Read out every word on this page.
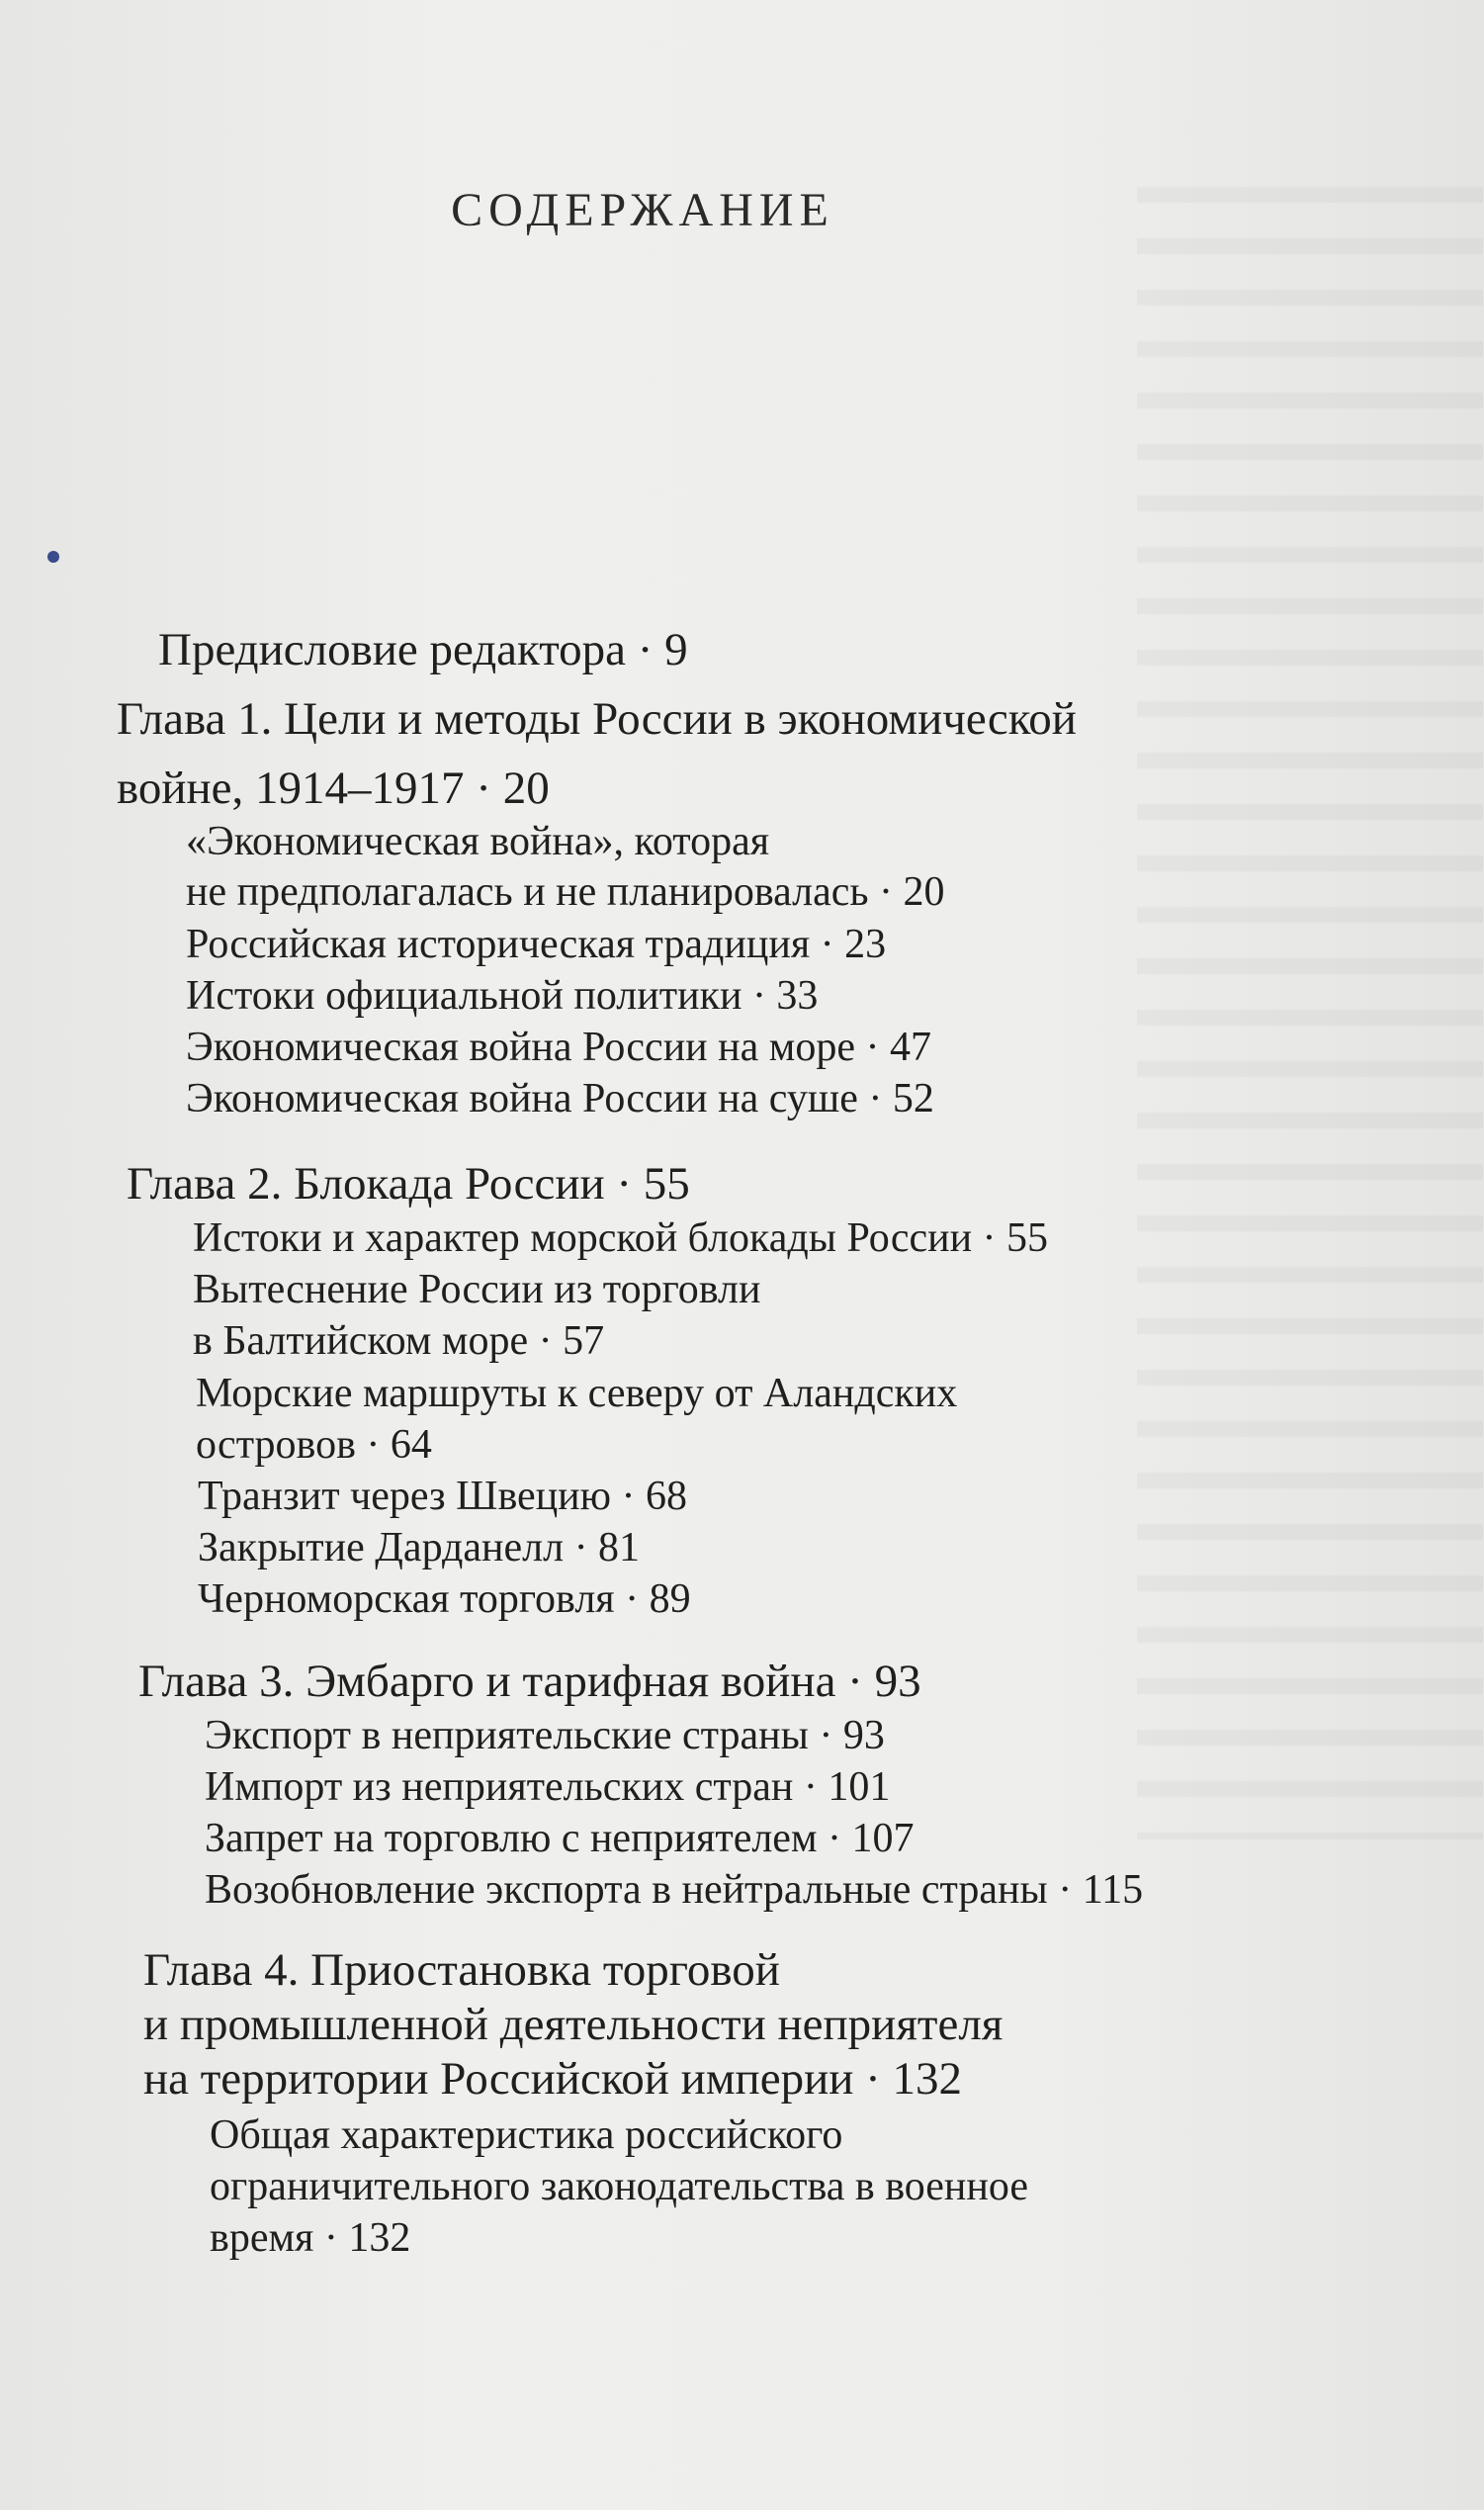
СОДЕРЖАНИЕ
Предисловие редактора · 9
Глава 1. Цели и методы России в экономической
войне, 1914–1917 · 20
«Экономическая война», которая
не предполагалась и не планировалась · 20
Российская историческая традиция · 23
Истоки официальной политики · 33
Экономическая война России на море · 47
Экономическая война России на суше · 52
Глава 2. Блокада России · 55
Истоки и характер морской блокады России · 55
Вытеснение России из торговли
в Балтийском море · 57
Морские маршруты к северу от Аландских
островов · 64
Транзит через Швецию · 68
Закрытие Дарданелл · 81
Черноморская торговля · 89
Глава 3. Эмбарго и тарифная война · 93
Экспорт в неприятельские страны · 93
Импорт из неприятельских стран · 101
Запрет на торговлю с неприятелем · 107
Возобновление экспорта в нейтральные страны · 115
Глава 4. Приостановка торговой
и промышленной деятельности неприятеля
на территории Российской империи · 132
Общая характеристика российского
ограничительного законодательства в военное
время · 132
